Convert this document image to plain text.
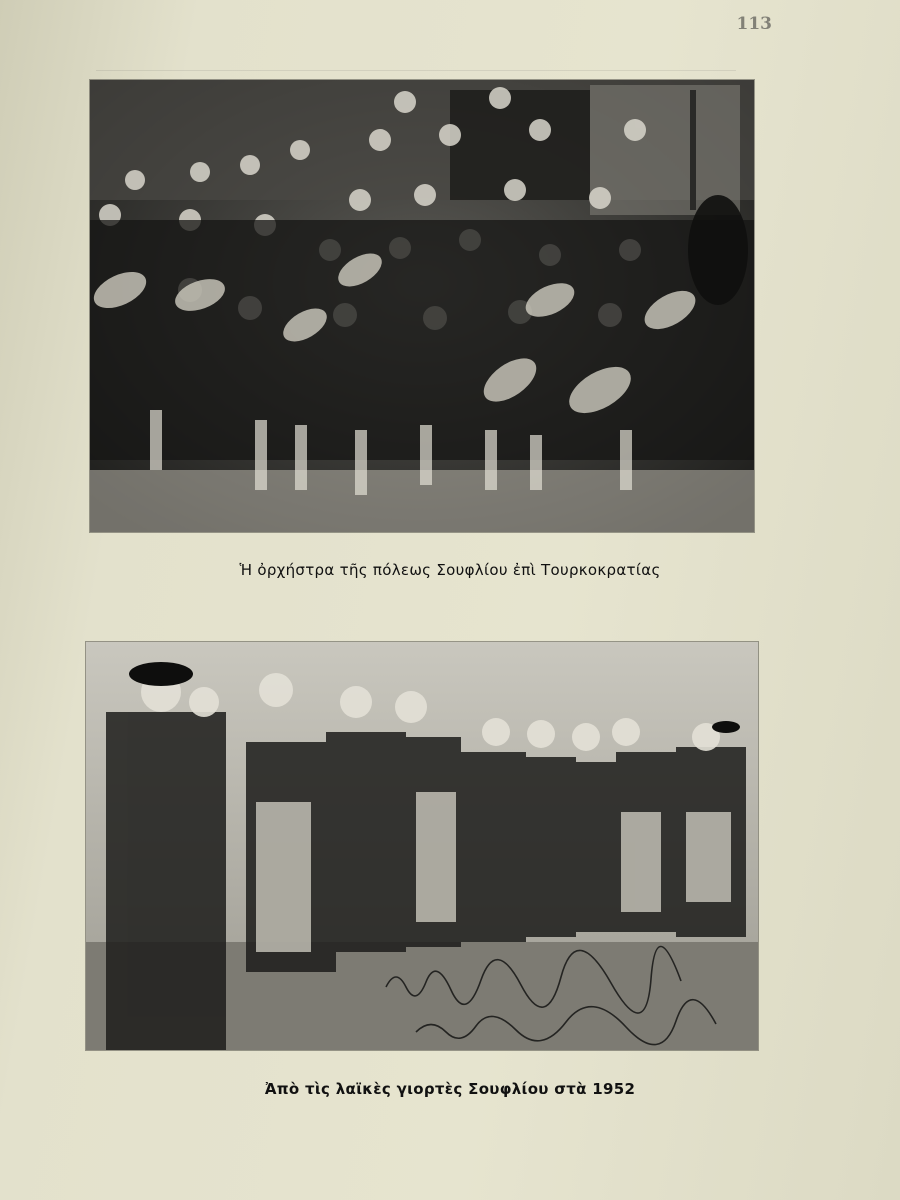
113
Ἡ ὀρχήστρα τῆς πόλεως Σουφλίου ἐπὶ Τουρκοκρατίας
Ἀπὸ τὶς λαϊκὲς γιορτὲς Σουφλίου στὰ 1952
